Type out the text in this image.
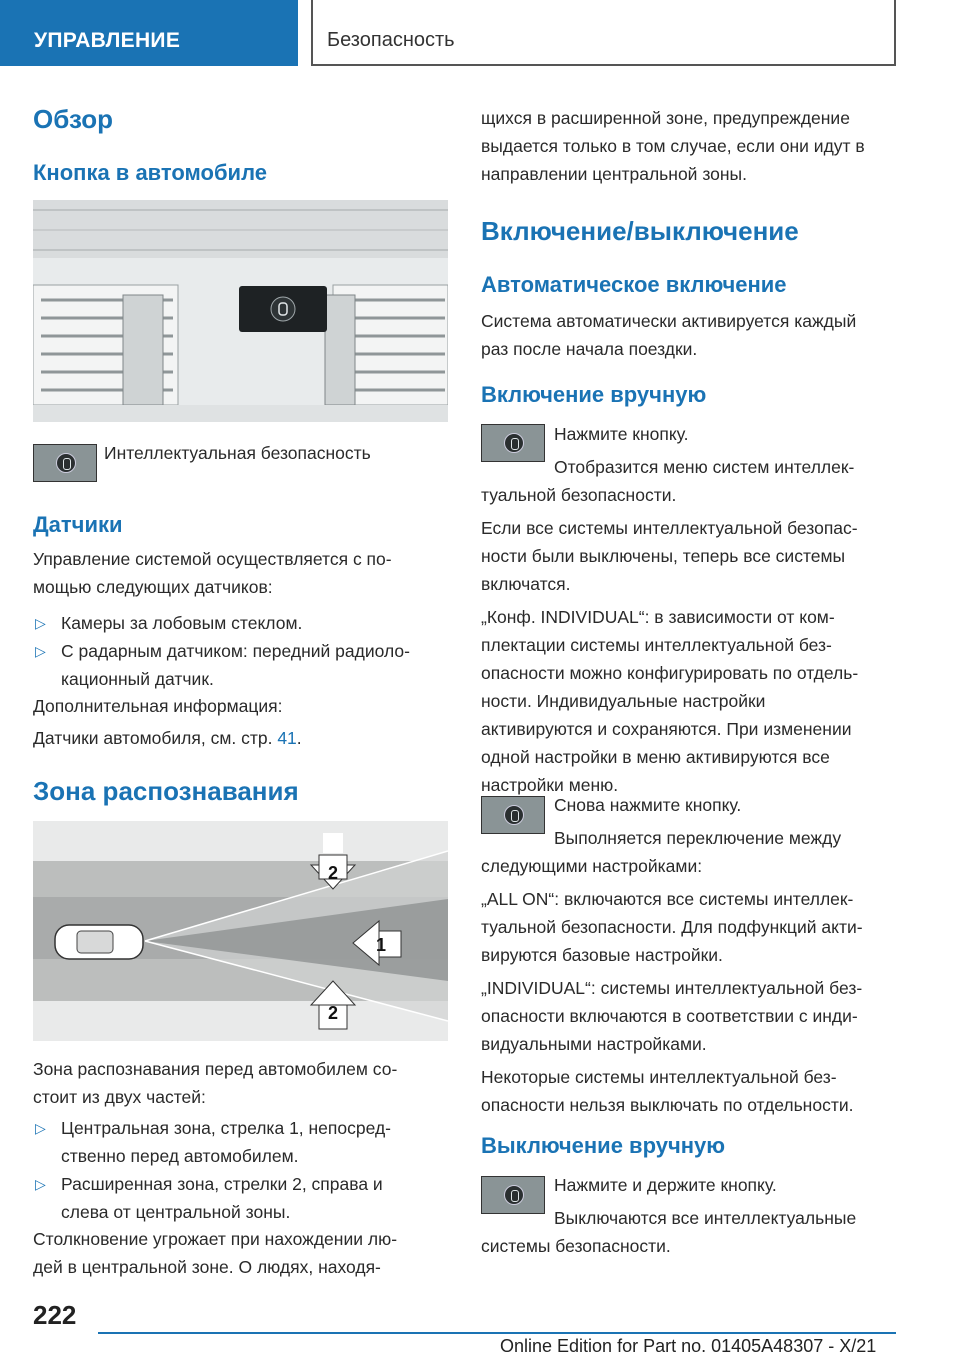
УПРАВЛЕНИЕ	Безопасность
Обзор
Кнопка в автомобиле
Интеллектуальная безопасность
Датчики
Управление системой осуществляется с по-
мощью следующих датчиков:
▷ Камеры за лобовым стеклом.
▷ С радарным датчиком: передний радиоло-
кационный датчик.
Дополнительная информация:
Датчики автомобиля, см. стр. 41.
Зона распознавания
2
1
2
Зона распознавания перед автомобилем со-
стоит из двух частей:
▷ Центральная зона, стрелка 1, непосред-
ственно перед автомобилем.
▷ Расширенная зона, стрелки 2, справа и
слева от центральной зоны.
Столкновение угрожает при нахождении лю-
дей в центральной зоне. О людях, находя-
щихся в расширенной зоне, предупреждение
выдается только в том случае, если они идут в
направлении центральной зоны.
Включение/выключение
Автоматическое включение
Система автоматически активируется каждый
раз после начала поездки.
Включение вручную
Нажмите кнопку.
Отобразится меню систем интеллек-
туальной безопасности.
Если все системы интеллектуальной безопас-
ности были выключены, теперь все системы
включатся.
„Конф. INDIVIDUAL“: в зависимости от ком-
плектации системы интеллектуальной без-
опасности можно конфигурировать по отдель-
ности. Индивидуальные настройки
активируются и сохраняются. При изменении
одной настройки в меню активируются все
настройки меню.
Снова нажмите кнопку.
Выполняется переключение между
следующими настройками:
„ALL ON“: включаются все системы интеллек-
туальной безопасности. Для подфункций акти-
вируются базовые настройки.
„INDIVIDUAL“: системы интеллектуальной без-
опасности включаются в соответствии с инди-
видуальными настройками.
Некоторые системы интеллектуальной без-
опасности нельзя выключать по отдельности.
Выключение вручную
Нажмите и держите кнопку.
Выключаются все интеллектуальные
системы безопасности.
222
Online Edition for Part no. 01405A48307 - X/21
